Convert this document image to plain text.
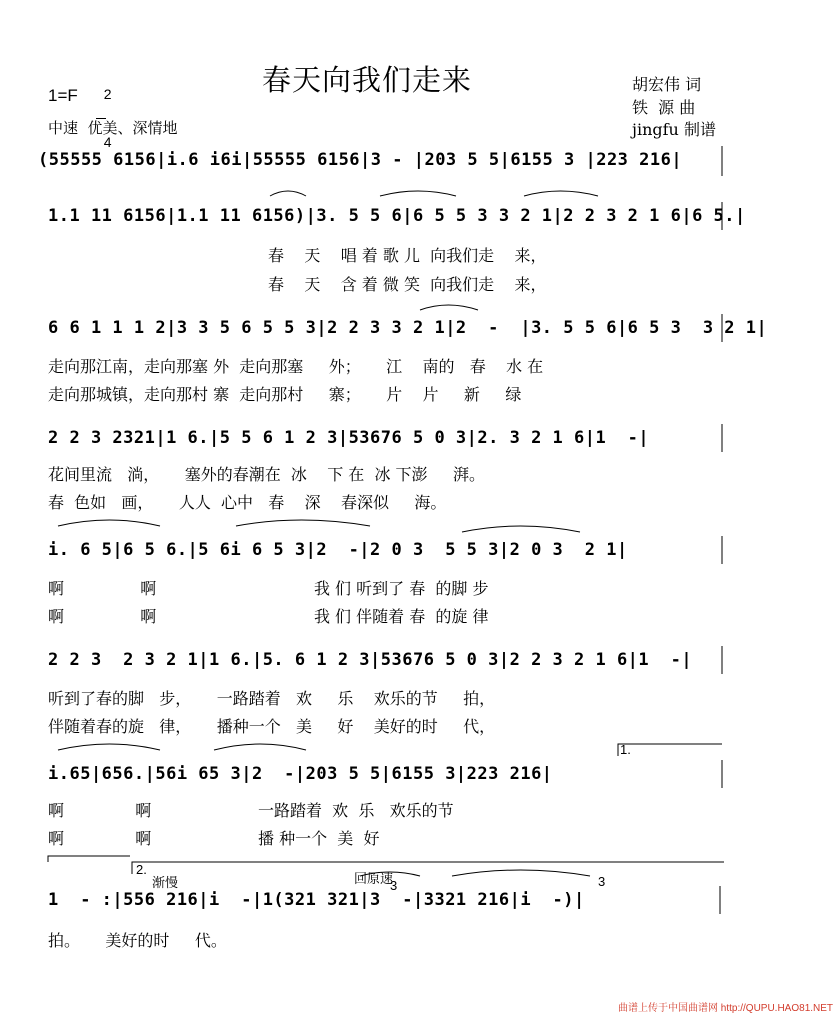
春天向我们走来
1=F	2

4

中速  优美、深情地
胡宏伟 词
铁  源 曲
jingfu 制谱
(55555 6156|i.6 i6i|55555 6156|3 - |203 5 5|6155 3 |223 216|
1.1 11 6156|1.1 11 6156)|3. 5 5 6|6 5 5 3 3 2 1|2 2 3 2 1 6|6 5.|
春    天    唱 着 歌 儿  向我们走    来，
春    天    含 着 微 笑  向我们走    来，
6 6 1 1 1 2|3 3 5 6 5 5 3|2 2 3 3 2 1|2  -  |3. 5 5 6|6 5 3  3 2 1|
走向那江南，走向那塞 外  走向那塞     外；     江    南的   春    水 在
走向那城镇，走向那村 寨  走向那村     寨；     片    片     新     绿
2 2 3 2321|1 6.|5 5 6 1 2 3|53676 5 0 3|2. 3 2 1 6|1  -|
花间里流   淌，     塞外的春潮在  冰    下 在  冰 下澎     湃。
春  色如   画，     人人  心中   春    深    春深似     海。
i. 6 5|6 5 6.|5 6i 6 5 3|2  -|2 0 3  5 5 3|2 0 3  2 1|
啊               啊                               我 们 听到了 春  的脚 步
啊               啊                               我 们 伴随着 春  的旋 律
2 2 3  2 3 2 1|1 6.|5. 6 1 2 3|53676 5 0 3|2 2 3 2 1 6|1  -|
听到了春的脚   步，     一路踏着   欢     乐    欢乐的节     拍，
伴随着春的旋   律，     播种一个   美     好    美好的时     代，
i.65|656.|56i 65 3|2  -|203 5 5|6155 3|223 216|
啊              啊                     一路踏着  欢  乐   欢乐的节
啊              啊                     播 种一个  美  好
2.
渐慢	回原速
3	3
1  - :|556 216|i  -|1(321 321|3  -|3321 216|i  -)|
拍。     美好的时     代。
1.
曲谱上传于中国曲谱网 http://QUPU.HAO81.NET
